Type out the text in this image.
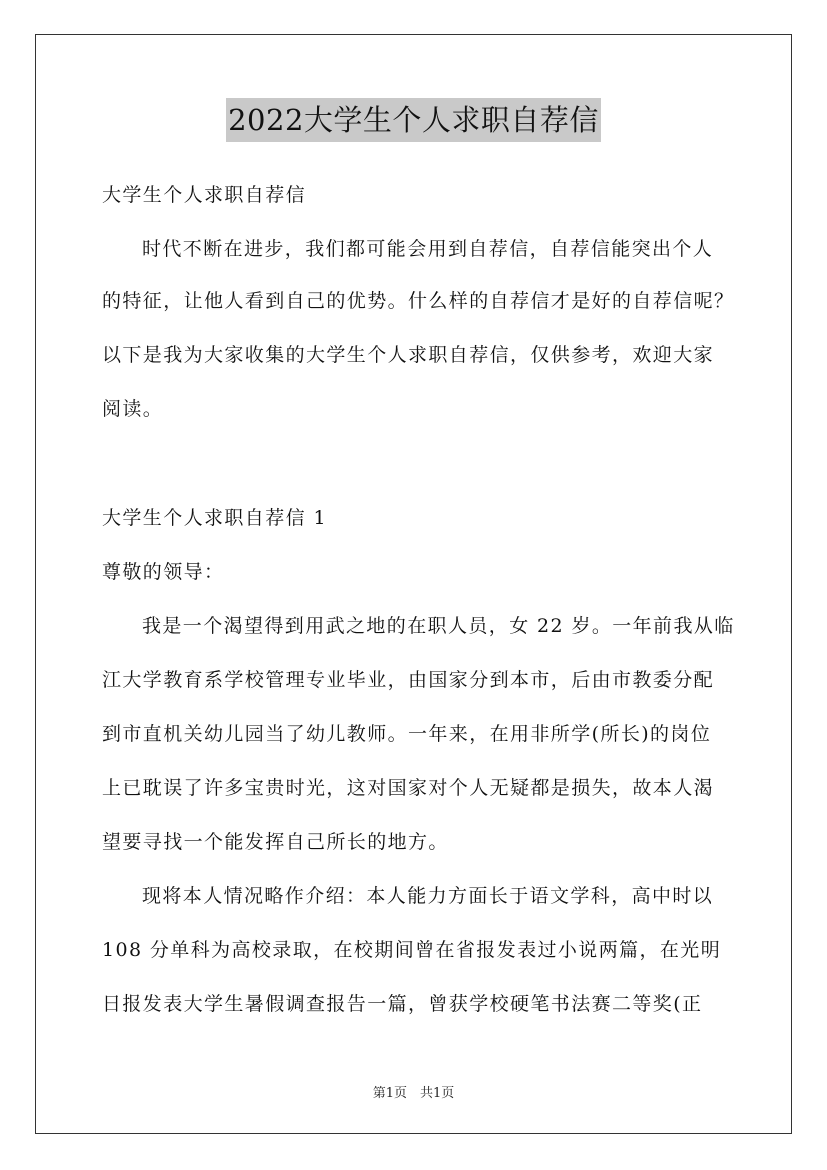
2022大学生个人求职自荐信
大学生个人求职自荐信
时代不断在进步，我们都可能会用到自荐信，自荐信能突出个人
的特征，让他人看到自己的优势。什么样的自荐信才是好的自荐信呢？
以下是我为大家收集的大学生个人求职自荐信，仅供参考，欢迎大家
阅读。
大学生个人求职自荐信 1
尊敬的领导：
我是一个渴望得到用武之地的在职人员，女 22 岁。一年前我从临
江大学教育系学校管理专业毕业，由国家分到本市，后由市教委分配
到市直机关幼儿园当了幼儿教师。一年来，在用非所学(所长)的岗位
上已耽误了许多宝贵时光，这对国家对个人无疑都是损失，故本人渴
望要寻找一个能发挥自己所长的地方。
现将本人情况略作介绍：本人能力方面长于语文学科，高中时以
108 分单科为高校录取，在校期间曾在省报发表过小说两篇，在光明
日报发表大学生暑假调查报告一篇，曾获学校硬笔书法赛二等奖(正
第1页　共1页
